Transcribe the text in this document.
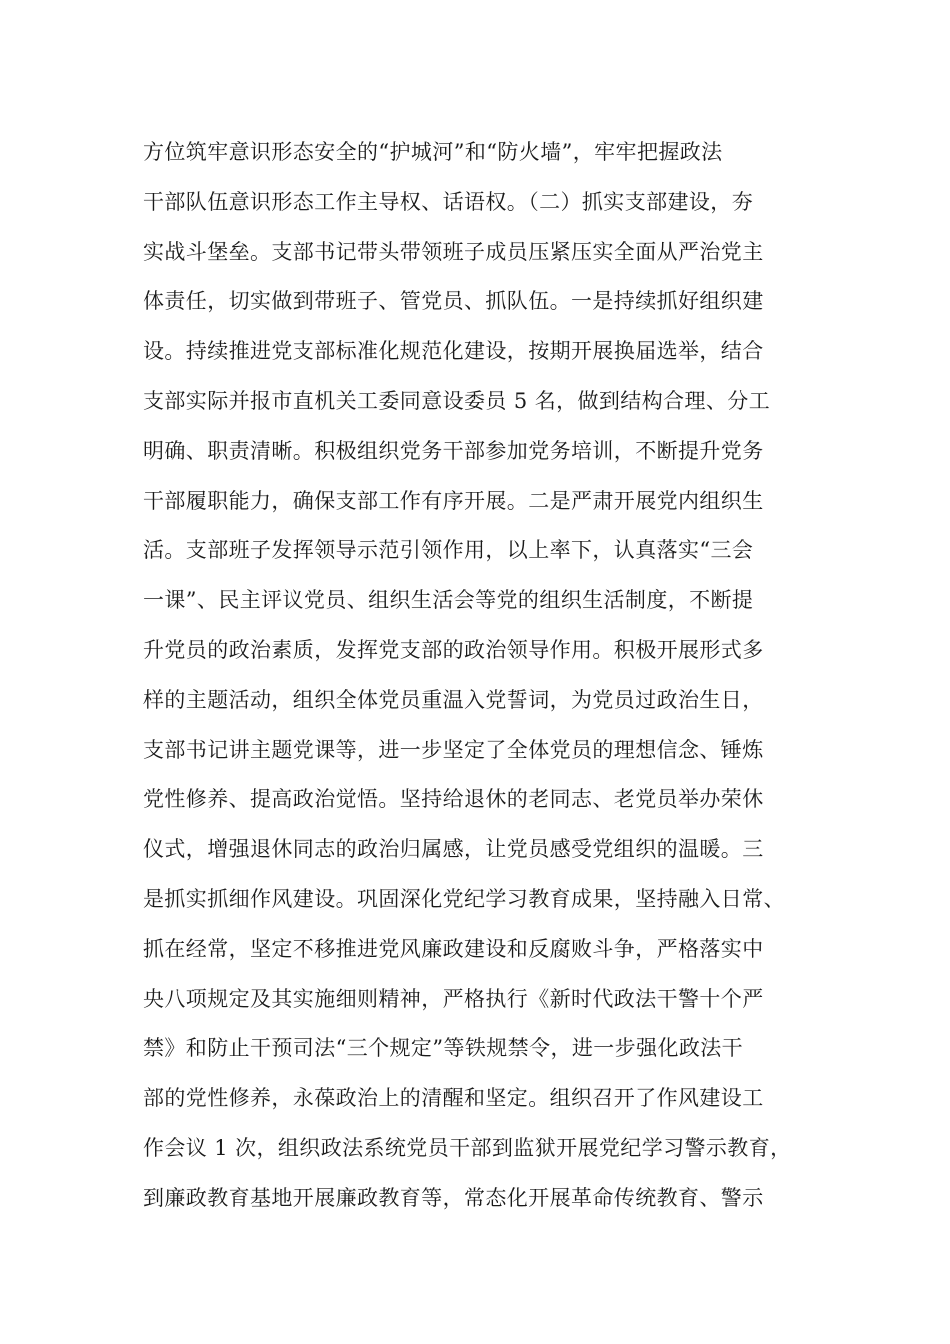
方位筑牢意识形态安全的“护城河”和“防火墙”，牢牢把握政法
干部队伍意识形态工作主导权、话语权。（二）抓实支部建设，夯
实战斗堡垒。支部书记带头带领班子成员压紧压实全面从严治党主
体责任，切实做到带班子、管党员、抓队伍。一是持续抓好组织建
设。持续推进党支部标准化规范化建设，按期开展换届选举，结合
支部实际并报市直机关工委同意设委员 5 名，做到结构合理、分工
明确、职责清晰。积极组织党务干部参加党务培训，不断提升党务
干部履职能力，确保支部工作有序开展。二是严肃开展党内组织生
活。支部班子发挥领导示范引领作用，以上率下，认真落实“三会
一课”、民主评议党员、组织生活会等党的组织生活制度，不断提
升党员的政治素质，发挥党支部的政治领导作用。积极开展形式多
样的主题活动，组织全体党员重温入党誓词，为党员过政治生日，
支部书记讲主题党课等，进一步坚定了全体党员的理想信念、锤炼
党性修养、提高政治觉悟。坚持给退休的老同志、老党员举办荣休
仪式，增强退休同志的政治归属感，让党员感受党组织的温暖。三
是抓实抓细作风建设。巩固深化党纪学习教育成果，坚持融入日常、
抓在经常，坚定不移推进党风廉政建设和反腐败斗争，严格落实中
央八项规定及其实施细则精神，严格执行《新时代政法干警十个严
禁》和防止干预司法“三个规定”等铁规禁令，进一步强化政法干
部的党性修养，永葆政治上的清醒和坚定。组织召开了作风建设工
作会议 1 次，组织政法系统党员干部到监狱开展党纪学习警示教育，
到廉政教育基地开展廉政教育等，常态化开展革命传统教育、警示
